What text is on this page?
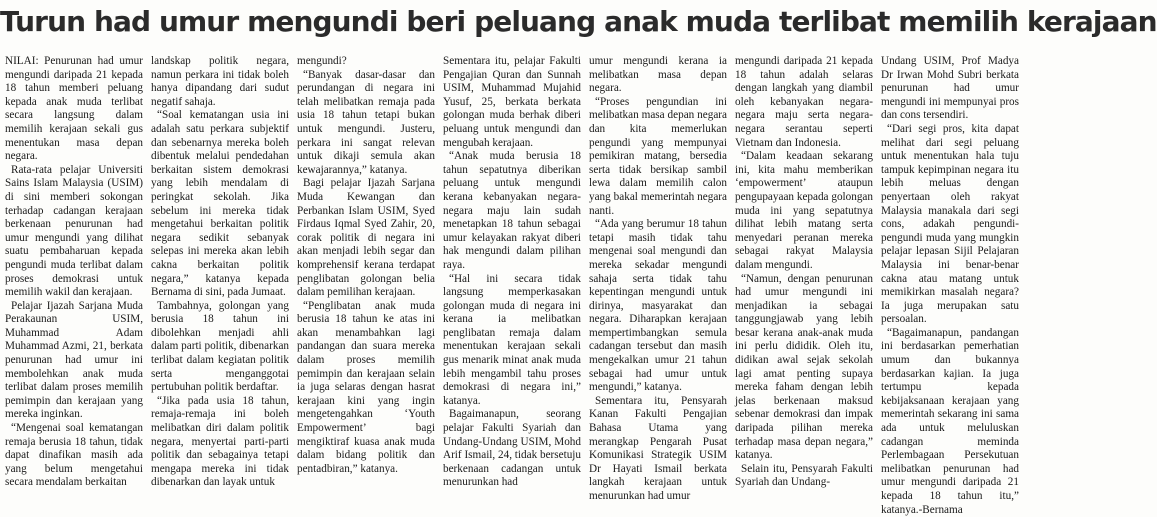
Turun had umur mengundi beri peluang anak muda terlibat memilih kerajaan

NILAI: Penurunan had umur mengundi daripada 21 kepada 18 tahun memberi peluang kepada anak muda terlibat secara langsung dalam memilih kerajaan sekali gus menentukan masa depan negara.

Rata-rata pelajar Universiti Sains Islam Malaysia (USIM) di sini memberi sokongan terhadap cadangan kerajaan berkenaan penurunan had umur mengundi yang dilihat suatu pembaharuan kepada pengundi muda terlibat dalam proses demokrasi untuk memilih wakil dan kerajaan.

Pelajar Ijazah Sarjana Muda Perakaunan USIM, Muhammad Adam Muhammad Azmi, 21, berkata penurunan had umur ini membolehkan anak muda terlibat dalam proses memilih pemimpin dan kerajaan yang mereka inginkan.

“Mengenai soal kematangan remaja berusia 18 tahun, tidak dapat dinafikan masih ada yang belum mengetahui secara mendalam berkaitan

landskap politik negara, namun perkara ini tidak boleh hanya dipandang dari sudut negatif sahaja.

“Soal kematangan usia ini adalah satu perkara subjektif dan sebenarnya mereka boleh dibentuk melalui pendedahan berkaitan sistem demokrasi yang lebih mendalam di peringkat sekolah. Jika sebelum ini mereka tidak mengetahui berkaitan politik negara sedikit sebanyak selepas ini mereka akan lebih cakna berkaitan politik negara,” katanya kepada Bernama di sini, pada Jumaat.

Tambahnya, golongan yang berusia 18 tahun ini dibolehkan menjadi ahli dalam parti politik, dibenarkan terlibat dalam kegiatan politik serta menganggotai pertubuhan politik berdaftar.

“Jika pada usia 18 tahun, remaja-remaja ini boleh melibatkan diri dalam politik negara, menyertai parti-parti politik dan sebagainya tetapi mengapa mereka ini tidak dibenarkan dan layak untuk

mengundi?

“Banyak dasar-dasar dan perundangan di negara ini telah melibatkan remaja pada usia 18 tahun tetapi bukan untuk mengundi. Justeru, perkara ini sangat relevan untuk dikaji semula akan kewajarannya,” katanya.

Bagi pelajar Ijazah Sarjana Muda Kewangan dan Perbankan Islam USIM, Syed Firdaus Iqmal Syed Zahir, 20, corak politik di negara ini akan menjadi lebih segar dan komprehensif kerana terdapat penglibatan golongan belia dalam pemilihan kerajaan.

“Penglibatan anak muda berusia 18 tahun ke atas ini akan menambahkan lagi pandangan dan suara mereka dalam proses memilih pemimpin dan kerajaan selain ia juga selaras dengan hasrat kerajaan kini yang ingin mengetengahkan ‘Youth Empowerment’ bagi mengiktiraf kuasa anak muda dalam bidang politik dan pentadbiran,” katanya.

Sementara itu, pelajar Fakulti Pengajian Quran dan Sunnah USIM, Muhammad Mujahid Yusuf, 25, berkata berkata golongan muda berhak diberi peluang untuk mengundi dan mengubah kerajaan.

“Anak muda berusia 18 tahun sepatutnya diberikan peluang untuk mengundi kerana kebanyakan negara-negara maju lain sudah menetapkan 18 tahun sebagai umur kelayakan rakyat diberi hak mengundi dalam pilihan raya.

“Hal ini secara tidak langsung memperkasakan golongan muda di negara ini kerana ia melibatkan penglibatan remaja dalam menentukan kerajaan sekali gus menarik minat anak muda lebih mengambil tahu proses demokrasi di negara ini,” katanya.

Bagaimanapun, seorang pelajar Fakulti Syariah dan Undang-Undang USIM, Mohd Arif Ismail, 24, tidak bersetuju berkenaan cadangan untuk menurunkan had

umur mengundi kerana ia melibatkan masa depan negara.

“Proses pengundian ini melibatkan masa depan negara dan kita memerlukan pengundi yang mempunyai pemikiran matang, bersedia serta tidak bersikap sambil lewa dalam memilih calon yang bakal memerintah negara nanti.

“Ada yang berumur 18 tahun tetapi masih tidak tahu mengenai soal mengundi dan mereka sekadar mengundi sahaja serta tidak tahu kepentingan mengundi untuk dirinya, masyarakat dan negara. Diharapkan kerajaan mempertimbangkan semula cadangan tersebut dan masih mengekalkan umur 21 tahun sebagai had umur untuk mengundi,” katanya.

Sementara itu, Pensyarah Kanan Fakulti Pengajian Bahasa Utama yang merangkap Pengarah Pusat Komunikasi Strategik USIM Dr Hayati Ismail berkata langkah kerajaan untuk menurunkan had umur

mengundi daripada 21 kepada 18 tahun adalah selaras dengan langkah yang diambil oleh kebanyakan negara-negara maju serta negara-negara serantau seperti Vietnam dan Indonesia.

“Dalam keadaan sekarang ini, kita mahu memberikan ‘empowerment’ ataupun pengupayaan kepada golongan muda ini yang sepatutnya dilihat lebih matang serta menyedari peranan mereka sebagai rakyat Malaysia dalam mengundi.

“Namun, dengan penurunan had umur mengundi ini menjadikan ia sebagai tanggungjawab yang lebih besar kerana anak-anak muda ini perlu dididik. Oleh itu, didikan awal sejak sekolah lagi amat penting supaya mereka faham dengan lebih jelas berkenaan maksud sebenar demokrasi dan impak daripada pilihan mereka terhadap masa depan negara,” katanya.

Selain itu, Pensyarah Fakulti Syariah dan Undang-

Undang USIM, Prof Madya Dr Irwan Mohd Subri berkata penurunan had umur mengundi ini mempunyai pros dan cons tersendiri.

“Dari segi pros, kita dapat melihat dari segi peluang untuk menentukan hala tuju tampuk kepimpinan negara itu lebih meluas dengan penyertaan oleh rakyat Malaysia manakala dari segi cons, adakah pengundi-pengundi muda yang mungkin pelajar lepasan Sijil Pelajaran Malaysia ini benar-benar cakna atau matang untuk memikirkan masalah negara? Ia juga merupakan satu persoalan.

“Bagaimanapun, pandangan ini berdasarkan pemerhatian umum dan bukannya berdasarkan kajian. Ia juga tertumpu kepada kebijaksanaan kerajaan yang memerintah sekarang ini sama ada untuk meluluskan cadangan meminda Perlembagaan Persekutuan melibatkan penurunan had umur mengundi daripada 21 kepada 18 tahun itu,” katanya.-Bernama
